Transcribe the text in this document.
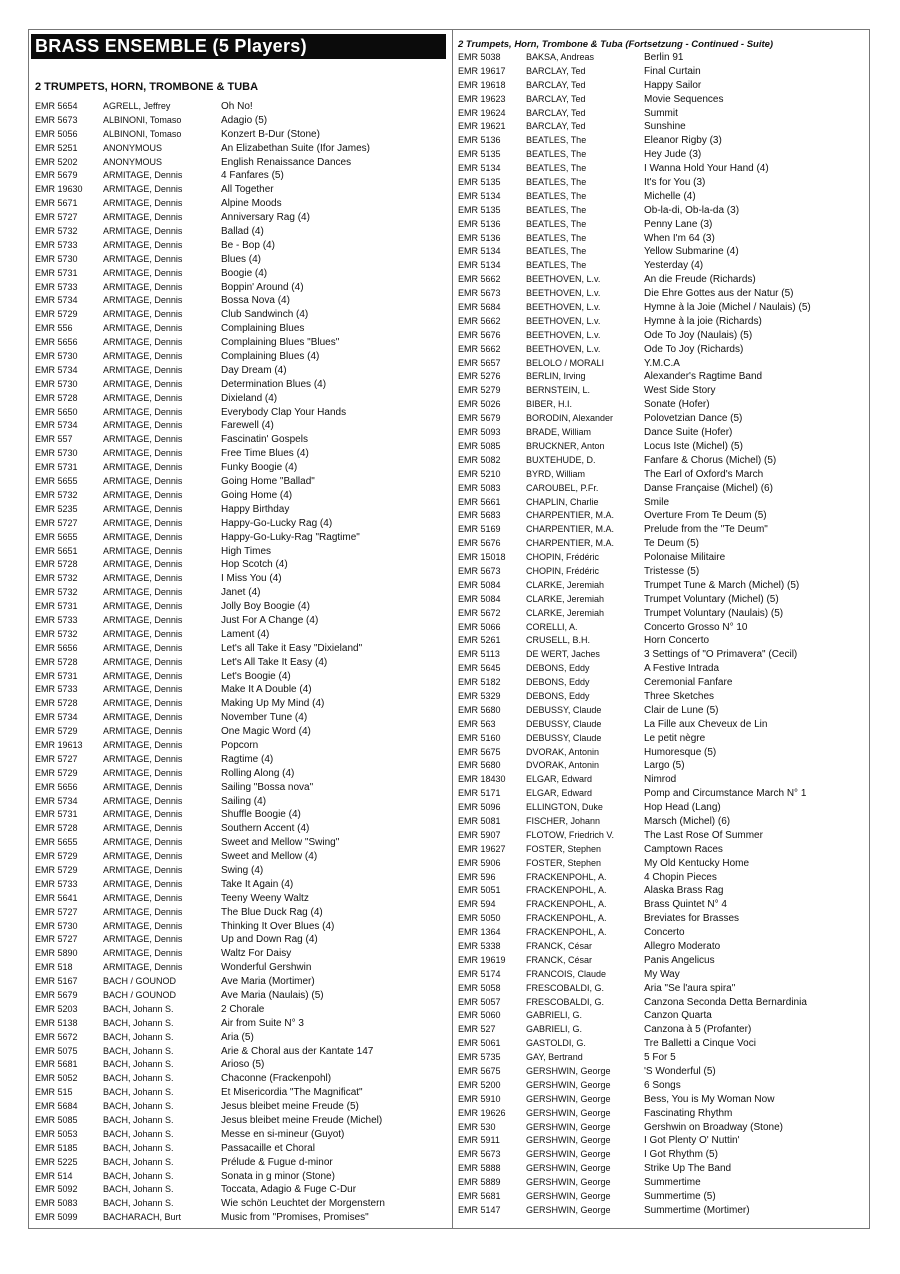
BRASS ENSEMBLE (5 Players)
2 TRUMPETS, HORN, TROMBONE & TUBA
EMR 5654	AGRELL, Jeffrey	Oh No!
EMR 5673	ALBINONI, Tomaso	Adagio (5)
EMR 5056	ALBINONI, Tomaso	Konzert B-Dur (Stone)
EMR 5251	ANONYMOUS	An Elizabethan Suite (Ifor James)
EMR 5202	ANONYMOUS	English Renaissance Dances
EMR 5679	ARMITAGE, Dennis	4 Fanfares (5)
EMR 19630	ARMITAGE, Dennis	All Together
EMR 5671	ARMITAGE, Dennis	Alpine Moods
EMR 5727	ARMITAGE, Dennis	Anniversary Rag (4)
EMR 5732	ARMITAGE, Dennis	Ballad (4)
EMR 5733	ARMITAGE, Dennis	Be - Bop (4)
EMR 5730	ARMITAGE, Dennis	Blues (4)
EMR 5731	ARMITAGE, Dennis	Boogie (4)
EMR 5733	ARMITAGE, Dennis	Boppin' Around (4)
EMR 5734	ARMITAGE, Dennis	Bossa Nova (4)
EMR 5729	ARMITAGE, Dennis	Club Sandwinch (4)
EMR 556	ARMITAGE, Dennis	Complaining Blues
EMR 5656	ARMITAGE, Dennis	Complaining Blues "Blues"
EMR 5730	ARMITAGE, Dennis	Complaining Blues (4)
EMR 5734	ARMITAGE, Dennis	Day Dream (4)
EMR 5730	ARMITAGE, Dennis	Determination Blues (4)
EMR 5728	ARMITAGE, Dennis	Dixieland (4)
EMR 5650	ARMITAGE, Dennis	Everybody Clap Your Hands
EMR 5734	ARMITAGE, Dennis	Farewell (4)
EMR 557	ARMITAGE, Dennis	Fascinatin' Gospels
EMR 5730	ARMITAGE, Dennis	Free Time Blues (4)
EMR 5731	ARMITAGE, Dennis	Funky Boogie (4)
EMR 5655	ARMITAGE, Dennis	Going Home "Ballad"
EMR 5732	ARMITAGE, Dennis	Going Home (4)
EMR 5235	ARMITAGE, Dennis	Happy Birthday
EMR 5727	ARMITAGE, Dennis	Happy-Go-Lucky Rag (4)
EMR 5655	ARMITAGE, Dennis	Happy-Go-Luky-Rag "Ragtime"
EMR 5651	ARMITAGE, Dennis	High Times
EMR 5728	ARMITAGE, Dennis	Hop Scotch (4)
EMR 5732	ARMITAGE, Dennis	I Miss You (4)
EMR 5732	ARMITAGE, Dennis	Janet (4)
EMR 5731	ARMITAGE, Dennis	Jolly Boy Boogie (4)
EMR 5733	ARMITAGE, Dennis	Just For A Change (4)
EMR 5732	ARMITAGE, Dennis	Lament (4)
EMR 5656	ARMITAGE, Dennis	Let's all Take it Easy "Dixieland"
EMR 5728	ARMITAGE, Dennis	Let's All Take It Easy (4)
EMR 5731	ARMITAGE, Dennis	Let's Boogie (4)
EMR 5733	ARMITAGE, Dennis	Make It A Double (4)
EMR 5728	ARMITAGE, Dennis	Making Up My Mind (4)
EMR 5734	ARMITAGE, Dennis	November Tune (4)
EMR 5729	ARMITAGE, Dennis	One Magic Word (4)
EMR 19613	ARMITAGE, Dennis	Popcorn
EMR 5727	ARMITAGE, Dennis	Ragtime (4)
EMR 5729	ARMITAGE, Dennis	Rolling Along (4)
EMR 5656	ARMITAGE, Dennis	Sailing "Bossa nova"
EMR 5734	ARMITAGE, Dennis	Sailing (4)
EMR 5731	ARMITAGE, Dennis	Shuffle Boogie (4)
EMR 5728	ARMITAGE, Dennis	Southern Accent (4)
EMR 5655	ARMITAGE, Dennis	Sweet and Mellow "Swing"
EMR 5729	ARMITAGE, Dennis	Sweet and Mellow (4)
EMR 5729	ARMITAGE, Dennis	Swing (4)
EMR 5733	ARMITAGE, Dennis	Take It Again (4)
EMR 5641	ARMITAGE, Dennis	Teeny Weeny Waltz
EMR 5727	ARMITAGE, Dennis	The Blue Duck Rag (4)
EMR 5730	ARMITAGE, Dennis	Thinking It Over Blues (4)
EMR 5727	ARMITAGE, Dennis	Up and Down Rag (4)
EMR 5890	ARMITAGE, Dennis	Waltz For Daisy
EMR 518	ARMITAGE, Dennis	Wonderful Gershwin
EMR 5167	BACH / GOUNOD	Ave Maria (Mortimer)
EMR 5679	BACH / GOUNOD	Ave Maria (Naulais) (5)
EMR 5203	BACH, Johann S.	2 Chorale
EMR 5138	BACH, Johann S.	Air from Suite N° 3
EMR 5672	BACH, Johann S.	Aria (5)
EMR 5075	BACH, Johann S.	Arie & Choral aus der Kantate 147
EMR 5681	BACH, Johann S.	Arioso (5)
EMR 5052	BACH, Johann S.	Chaconne (Frackenpohl)
EMR 515	BACH, Johann S.	Et Misericordia "The Magnificat"
EMR 5684	BACH, Johann S.	Jesus bleibet meine Freude (5)
EMR 5085	BACH, Johann S.	Jesus bleibet meine Freude (Michel)
EMR 5053	BACH, Johann S.	Messe en si-mineur (Guyot)
EMR 5185	BACH, Johann S.	Passacaille et Choral
EMR 5225	BACH, Johann S.	Prélude & Fugue d-minor
EMR 514	BACH, Johann S.	Sonata in g minor (Stone)
EMR 5092	BACH, Johann S.	Toccata, Adagio & Fuge C-Dur
EMR 5083	BACH, Johann S.	Wie schön Leuchtet der Morgenstern
EMR 5099	BACHARACH, Burt	Music from "Promises, Promises"
2 Trumpets, Horn, Trombone & Tuba (Fortsetzung - Continued - Suite)
EMR 5038	BAKSA, Andreas	Berlin 91
EMR 19617	BARCLAY, Ted	Final Curtain
EMR 19618	BARCLAY, Ted	Happy Sailor
EMR 19623	BARCLAY, Ted	Movie Sequences
EMR 19624	BARCLAY, Ted	Summit
EMR 19621	BARCLAY, Ted	Sunshine
EMR 5136	BEATLES, The	Eleanor Rigby (3)
EMR 5135	BEATLES, The	Hey Jude (3)
EMR 5134	BEATLES, The	I Wanna Hold Your Hand (4)
EMR 5135	BEATLES, The	It's for You (3)
EMR 5134	BEATLES, The	Michelle (4)
EMR 5135	BEATLES, The	Ob-la-di, Ob-la-da (3)
EMR 5136	BEATLES, The	Penny Lane (3)
EMR 5136	BEATLES, The	When I'm 64 (3)
EMR 5134	BEATLES, The	Yellow Submarine (4)
EMR 5134	BEATLES, The	Yesterday (4)
EMR 5662	BEETHOVEN, L.v.	An die Freude (Richards)
EMR 5673	BEETHOVEN, L.v.	Die Ehre Gottes aus der Natur (5)
EMR 5684	BEETHOVEN, L.v.	Hymne à la Joie (Michel / Naulais) (5)
EMR 5662	BEETHOVEN, L.v.	Hymne à la joie (Richards)
EMR 5676	BEETHOVEN, L.v.	Ode To Joy (Naulais) (5)
EMR 5662	BEETHOVEN, L.v.	Ode To Joy (Richards)
EMR 5657	BELOLO / MORALI	Y.M.C.A
EMR 5276	BERLIN, Irving	Alexander's Ragtime Band
EMR 5279	BERNSTEIN, L.	West Side Story
EMR 5026	BIBER, H.I.	Sonate (Hofer)
EMR 5679	BORODIN, Alexander	Polovetzian Dance (5)
EMR 5093	BRADE, William	Dance Suite (Hofer)
EMR 5085	BRUCKNER, Anton	Locus Iste (Michel) (5)
EMR 5082	BUXTEHUDE, D.	Fanfare & Chorus (Michel) (5)
EMR 5210	BYRD, William	The Earl of Oxford's March
EMR 5083	CAROUBEL, P.Fr.	Danse Française (Michel) (6)
EMR 5661	CHAPLIN, Charlie	Smile
EMR 5683	CHARPENTIER, M.A.	Overture From Te Deum (5)
EMR 5169	CHARPENTIER, M.A.	Prelude from the "Te Deum"
EMR 5676	CHARPENTIER, M.A.	Te Deum (5)
EMR 15018	CHOPIN, Frédéric	Polonaise Militaire
EMR 5673	CHOPIN, Frédéric	Tristesse (5)
EMR 5084	CLARKE, Jeremiah	Trumpet Tune & March (Michel) (5)
EMR 5084	CLARKE, Jeremiah	Trumpet Voluntary (Michel) (5)
EMR 5672	CLARKE, Jeremiah	Trumpet Voluntary (Naulais) (5)
EMR 5066	CORELLI, A.	Concerto Grosso N° 10
EMR 5261	CRUSELL, B.H.	Horn Concerto
EMR 5113	DE WERT, Jaches	3 Settings of "O Primavera" (Cecil)
EMR 5645	DEBONS, Eddy	A Festive Intrada
EMR 5182	DEBONS, Eddy	Ceremonial Fanfare
EMR 5329	DEBONS, Eddy	Three Sketches
EMR 5680	DEBUSSY, Claude	Clair de Lune (5)
EMR 563	DEBUSSY, Claude	La Fille aux Cheveux de Lin
EMR 5160	DEBUSSY, Claude	Le petit nègre
EMR 5675	DVORAK, Antonin	Humoresque (5)
EMR 5680	DVORAK, Antonin	Largo (5)
EMR 18430	ELGAR, Edward	Nimrod
EMR 5171	ELGAR, Edward	Pomp and Circumstance March N° 1
EMR 5096	ELLINGTON, Duke	Hop Head (Lang)
EMR 5081	FISCHER, Johann	Marsch (Michel) (6)
EMR 5907	FLOTOW, Friedrich V.	The Last Rose Of Summer
EMR 19627	FOSTER, Stephen	Camptown Races
EMR 5906	FOSTER, Stephen	My Old Kentucky Home
EMR 596	FRACKENPOHL, A.	4 Chopin Pieces
EMR 5051	FRACKENPOHL, A.	Alaska Brass Rag
EMR 594	FRACKENPOHL, A.	Brass Quintet N° 4
EMR 5050	FRACKENPOHL, A.	Breviates for Brasses
EMR 1364	FRACKENPOHL, A.	Concerto
EMR 5338	FRANCK, César	Allegro Moderato
EMR 19619	FRANCK, César	Panis Angelicus
EMR 5174	FRANCOIS, Claude	My Way
EMR 5058	FRESCOBALDI, G.	Aria "Se l'aura spira"
EMR 5057	FRESCOBALDI, G.	Canzona Seconda Detta Bernardinia
EMR 5060	GABRIELI, G.	Canzon Quarta
EMR 527	GABRIELI, G.	Canzona à 5 (Profanter)
EMR 5061	GASTOLDI, G.	Tre Balletti a Cinque Voci
EMR 5735	GAY, Bertrand	5 For 5
EMR 5675	GERSHWIN, George	'S Wonderful (5)
EMR 5200	GERSHWIN, George	6 Songs
EMR 5910	GERSHWIN, George	Bess, You is My Woman Now
EMR 19626	GERSHWIN, George	Fascinating Rhythm
EMR 530	GERSHWIN, George	Gershwin on Broadway (Stone)
EMR 5911	GERSHWIN, George	I Got Plenty O' Nuttin'
EMR 5673	GERSHWIN, George	I Got Rhythm (5)
EMR 5888	GERSHWIN, George	Strike Up The Band
EMR 5889	GERSHWIN, George	Summertime
EMR 5681	GERSHWIN, George	Summertime (5)
EMR 5147	GERSHWIN, George	Summertime (Mortimer)
